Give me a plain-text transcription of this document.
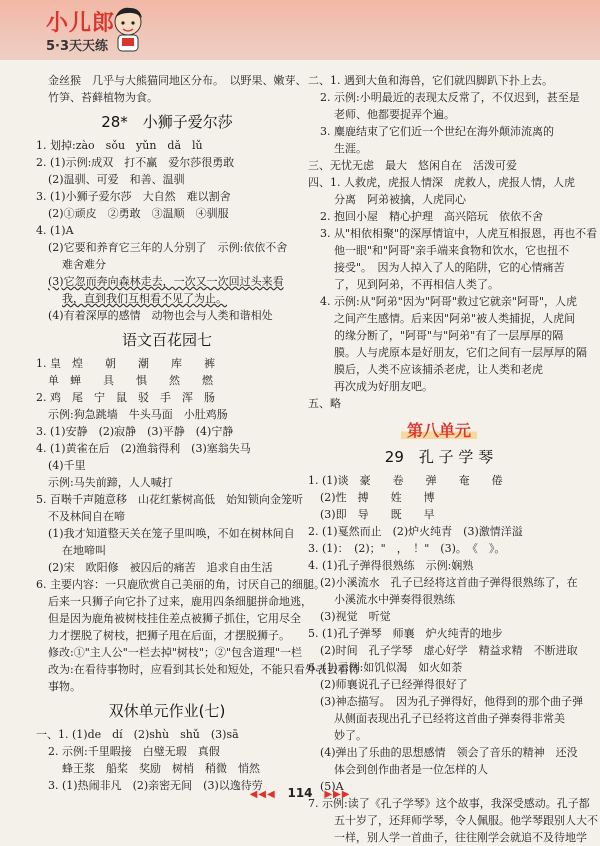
小儿郎
5·3天天练
金丝猴　几乎与大熊猫同地区分布。　以野果、嫩芽、
竹笋、苔藓植物为食。
28*　小狮子爱尔莎
1. 划掉:zào　sǒu　yǔn　dǎ　lǔ
2. (1)示例:成双　打不赢　爱尔莎很勇敢
(2)温驯、可爱　和善、温驯
3. (1)小狮子爱尔莎　大自然　难以割舍
(2)①顽皮　②勇敢　③温顺　④驯服
4. (1)A
(2)它要和养育它三年的人分别了　示例:依依不舍
难舍难分
(3)它忽而奔向森林走去，一次又一次回过头来看
我，直到我们互相看不见了为止。
(4)有着深厚的感情　动物也会与人类和谐相处
语文百花园七
1. 皇　煌　　朝　　潮　　库　　裤
单　蝉　　具　　惧　　然　　燃
2. 鸡　尾　宁　鼠　驳　手　浑　肠
示例:狗急跳墙　牛头马面　小肚鸡肠
3. (1)安静　(2)寂静　(3)平静　(4)宁静
4. (1)黄雀在后　(2)渔翁得利　(3)塞翁失马
(4)千里
示例:马失前蹄，人人喊打
5. 百啭千声随意移　山花红紫树高低　始知锁向金笼听
不及林间自在啼
(1)我才知道整天关在笼子里叫唤，不如在树林间自
在地啼叫
(2)宋　欧阳修　被囚后的痛苦　追求自由生活
6. 主要内容：一只鹿欣赏自己美丽的角，讨厌自己的细腿。
后来一只狮子向它扑了过来，鹿用四条细腿拼命地逃，
但是因为鹿角被树枝挂住差点被狮子抓住，它用尽全
力才摆脱了树枝，把狮子甩在后面，才摆脱狮子。
修改:①"主人公"一栏去掉"树枝"；②"包含道理"一栏
改为:在看待事物时，应看到其长处和短处，不能只看外表去看待
事物。
双休单元作业(七)
一、1. (1)de　dí　(2)shù　shǔ　(3)sā
2. 示例:千里暇接　白璧无瑕　真假
蜂王浆　船桨　奖励　树梢　稍微　悄然
3. (1)热闹非凡　(2)亲密无间　(3)以逸待劳
二、1. 遇到大鱼和海兽，它们就四脚趴下扑上去。
2. 示例:小明最近的表现太反常了，不仅迟到，甚至是
老师、他都要捉弄个遍。
3. 麋鹿结束了它们近一个世纪在海外颠沛流离的
生涯。
三、无忧无虑　最大　悠闲自在　活泼可爱
四、1. 人救虎，虎报人情深　虎救人，虎报人情，人虎
分离　阿弟被擒，人虎同心
2. 抱回小屋　精心护理　高兴陪玩　依依不舍
3. 从"相依相聚"的深厚情谊中，人虎互相报恩，再也不看
他一眼"和"阿哥"亲手端来食物和饮水，它也扭不
接受"。　因为人掉入了人的陷阱，它的心情痛苦
了，见到阿弟，不再相信人类了。
4. 示例:从"阿弟"因为"阿哥"救过它就亲"阿哥"，人虎
之间产生感情。后来因"阿弟"被人类捕捉，人虎间
的缘分断了，"阿哥"与"阿弟"有了一层厚厚的隔
膜。人与虎原本是好朋友，它们之间有一层厚厚的隔
膜后，人类不应该捕杀老虎，让人类和老虎
再次成为好朋友吧。
五、略
第八单元
29　孔 子 学 琴
1. (1)谈　豪　　卷　　弹　　奄　　倦
(2)性　搏　　姓　　博
(3)即　导　　既　　早
2. (1)戛然而止　(2)炉火纯青　(3)激情洋溢
3. (1)：　(2)；"　，　！"　(3)。　《　》。
4. (1)孔子弹得很熟练　示例:娴熟
(2)小溪流水　孔子已经将这首曲子弹得很熟练了，在
小溪流水中弹奏得很熟练
(3)视觉　听觉
5. (1)孔子弹琴　师襄　炉火纯青的地步
(2)时间　孔子学琴　虚心好学　精益求精　不断进取
6. (1)示例:如饥似渴　如火如荼
(2)师襄说孔子已经弹得很好了
(3)神态描写。　因为孔子弹得好，他得到的那个曲子弹
从侧面表现出孔子已经将这首曲子弹奏得非常美
妙了。
(4)弹出了乐曲的思想感情　领会了音乐的精神　还没
体会到创作曲者是一位怎样的人
(5)A
7. 示例:读了《孔子学琴》这个故事，我深受感动。孔子都
五十岁了，还拜师学琴，令人佩服。他学琴跟别人大不
一样，别人学一首曲子，往往刚学会就追不及待地学
◀◀◀ 114 ▶▶▶
